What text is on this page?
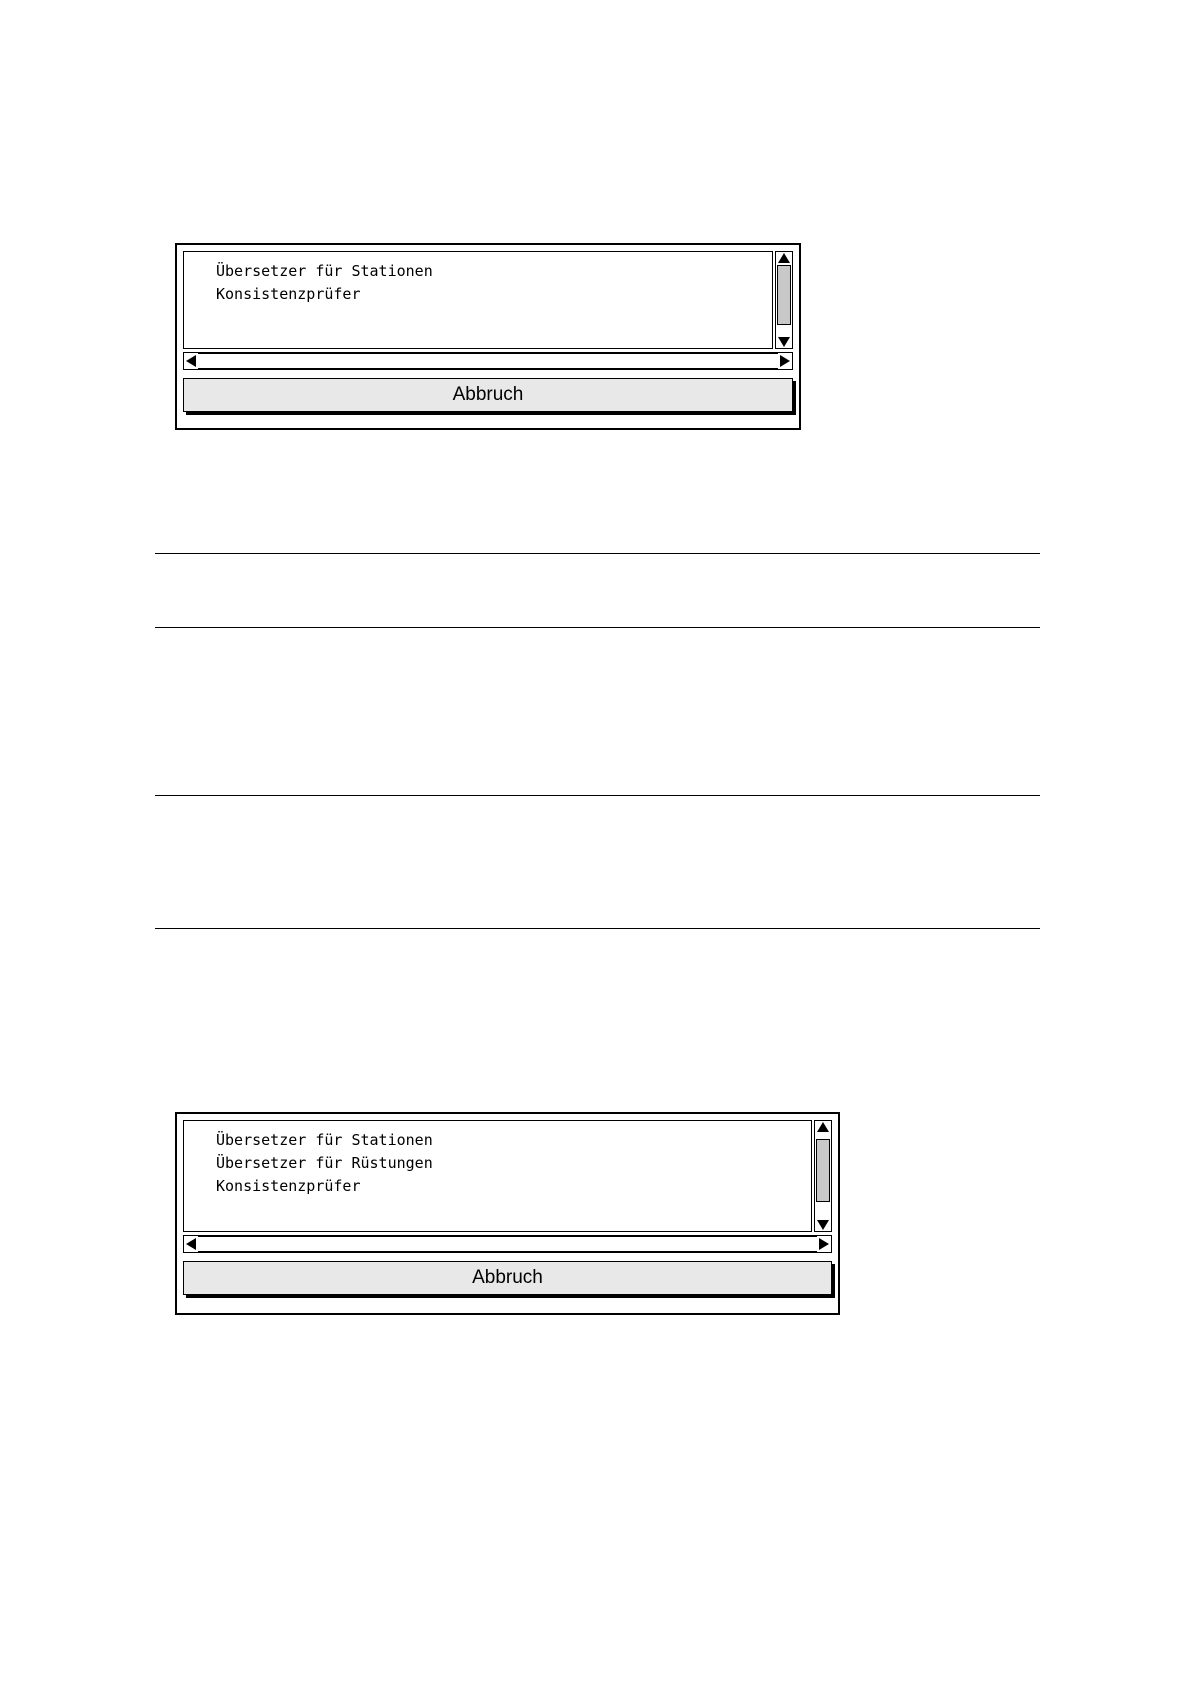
Übersetzer für Stationen
Konsistenzprüfer
Abbruch
Übersetzer für Stationen
Übersetzer für Rüstungen
Konsistenzprüfer
Abbruch
